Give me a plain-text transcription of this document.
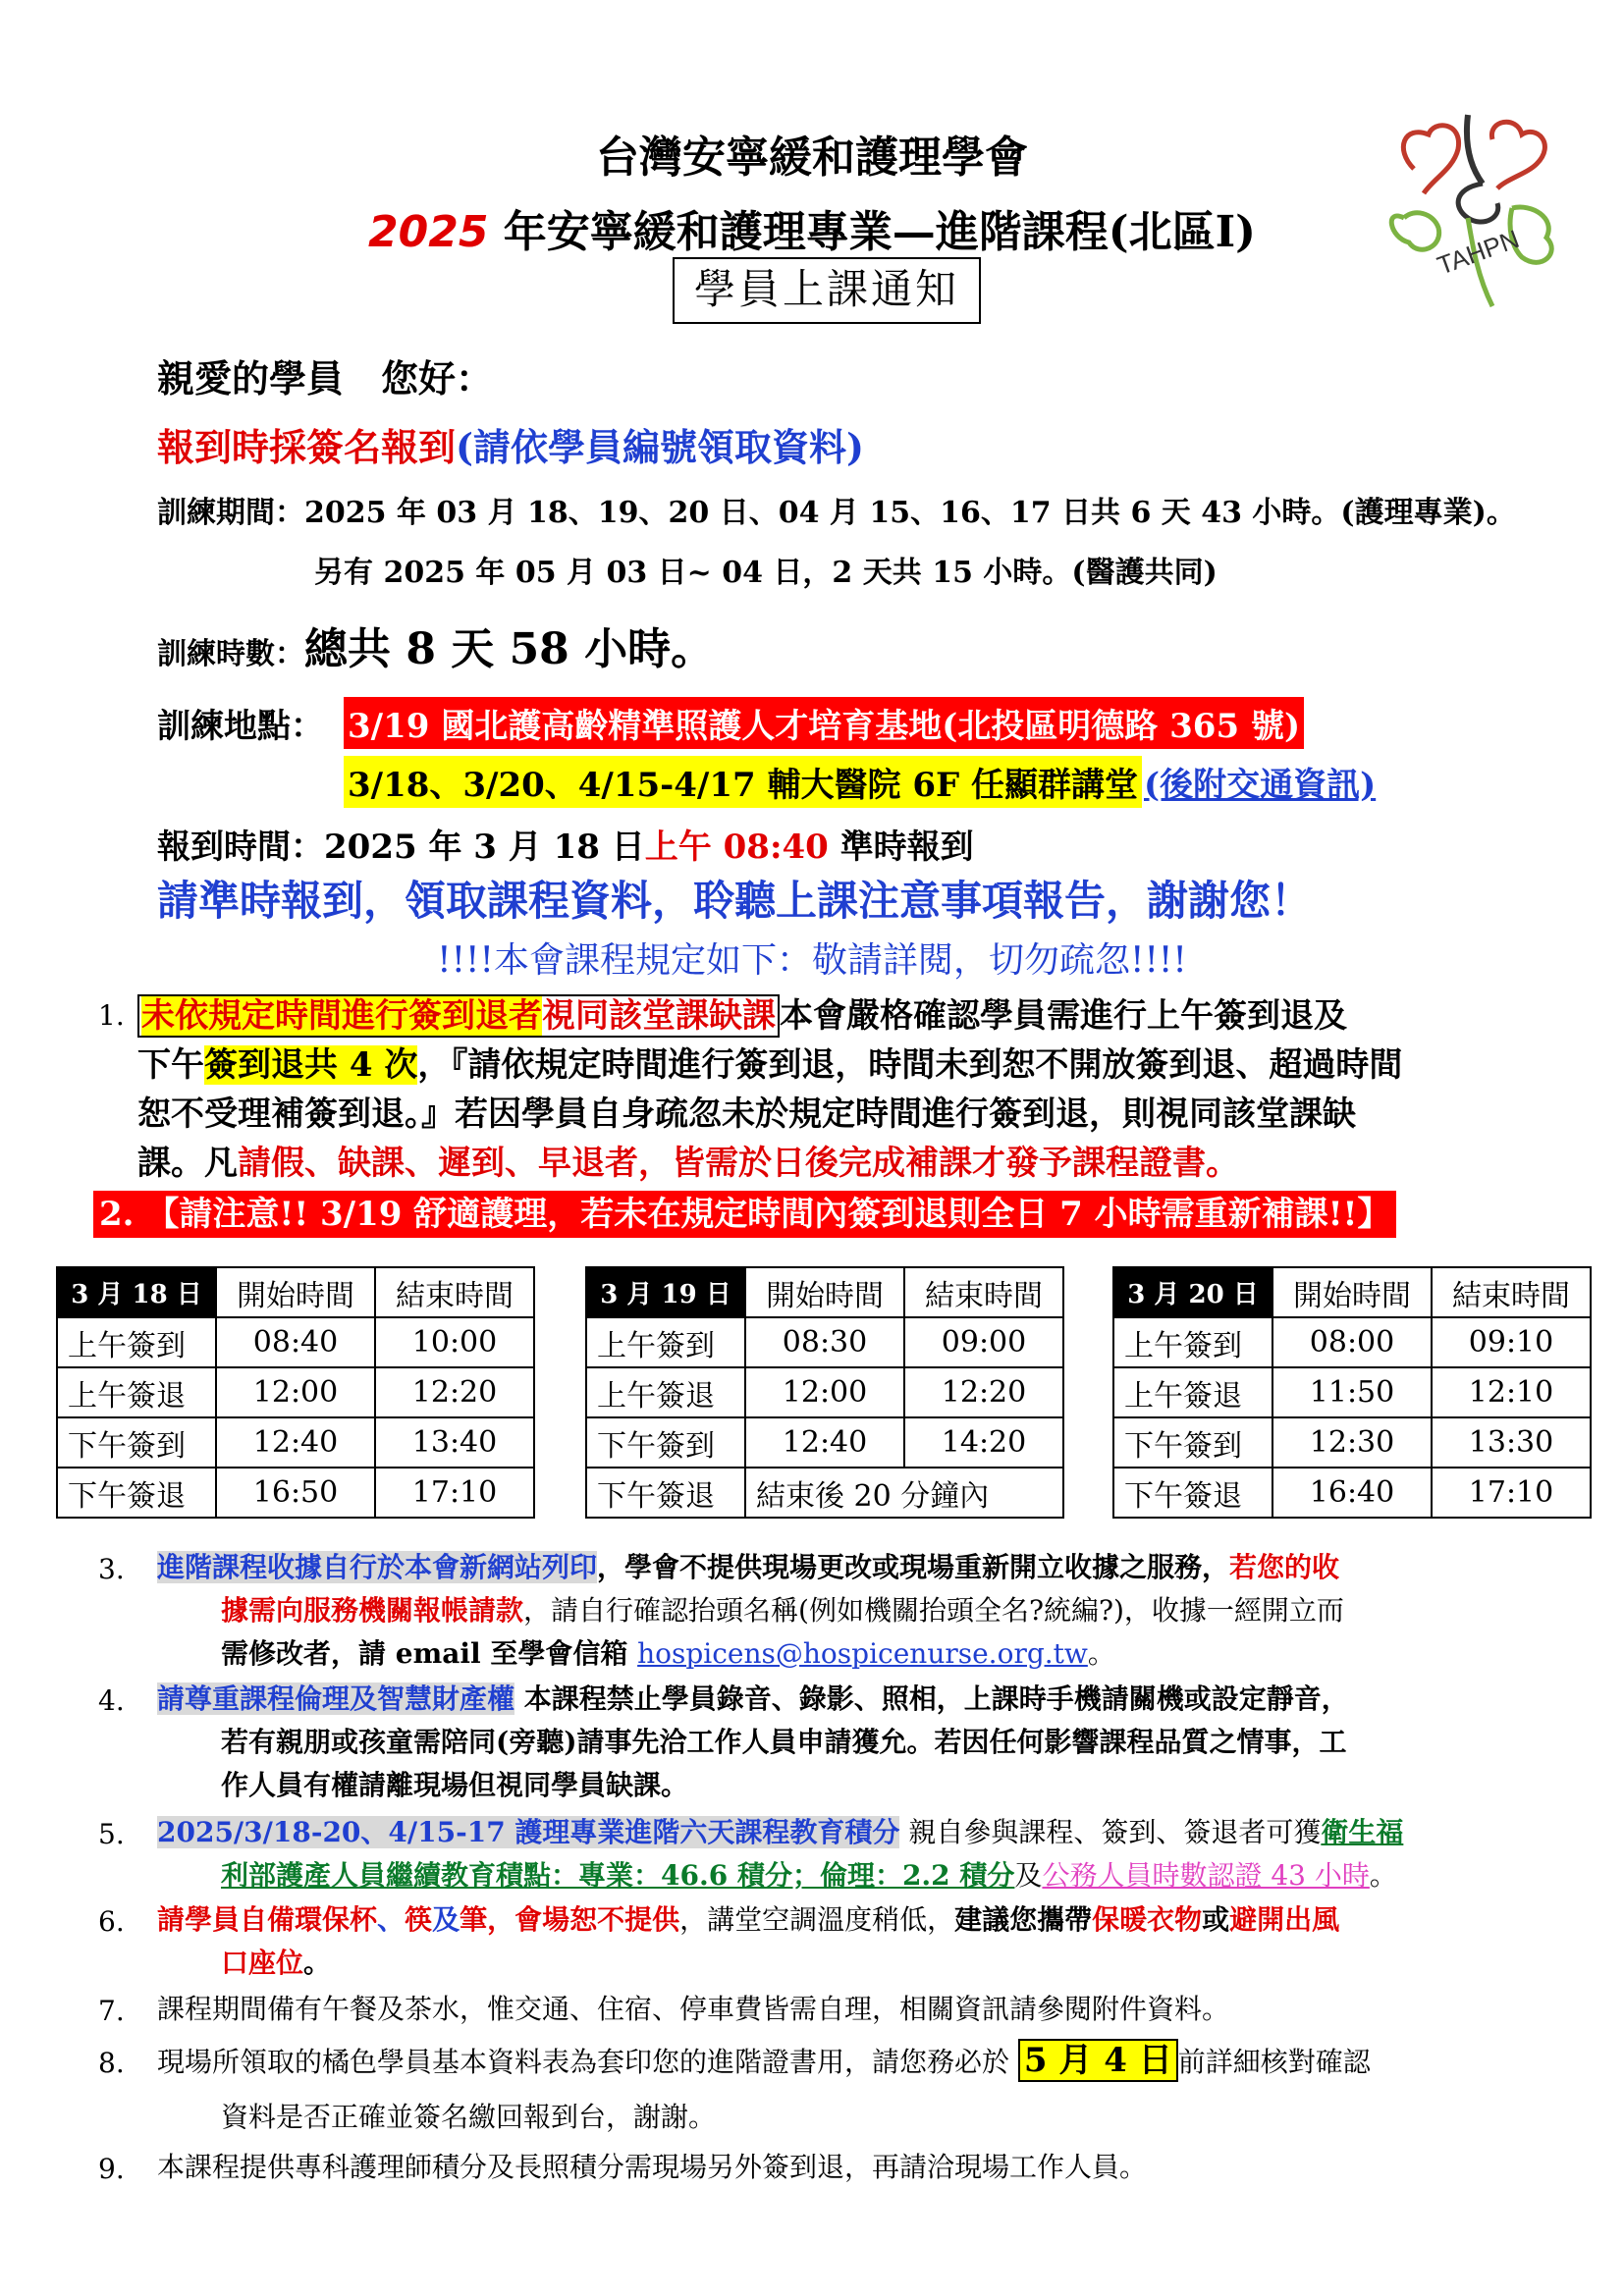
台灣安寧緩和護理學會
2025 年安寧緩和護理專業—進階課程(北區Ⅰ)
學員上課通知
TAHPN
親愛的學員　您好：
報到時採簽名報到(請依學員編號領取資料)
訓練期間：2025 年 03 月 18、19、20 日、04 月 15、16、17 日共 6 天 43 小時。(護理專業)。
另有 2025 年 05 月 03 日~ 04 日，2 天共 15 小時。(醫護共同)
訓練時數：總共 8 天 58 小時。
訓練地點： 3/19 國北護高齡精準照護人才培育基地(北投區明德路 365 號)
3/18、3/20、4/15-4/17 輔大醫院 6F 任顯群講堂 (後附交通資訊)
報到時間：2025 年 3 月 18 日上午 08:40 準時報到
請準時報到，領取課程資料，聆聽上課注意事項報告，謝謝您！
!!!!本會課程規定如下：敬請詳閱，切勿疏忽!!!!
1. 未依規定時間進行簽到退者視同該堂課缺課 本會嚴格確認學員需進行上午簽到退及
下午簽到退共 4 次，『請依規定時間進行簽到退，時間未到恕不開放簽到退、超過時間
恕不受理補簽到退。』若因學員自身疏忽未於規定時間進行簽到退，則視同該堂課缺
課。凡請假、缺課、遲到、早退者，皆需於日後完成補課才發予課程證書。
2. 【請注意!! 3/19 舒適護理，若未在規定時間內簽到退則全日 7 小時需重新補課!!】
3 月 18 日	開始時間	結束時間
上午簽到	08:40	10:00
上午簽退	12:00	12:20
下午簽到	12:40	13:40
下午簽退	16:50	17:10
3 月 19 日	開始時間	結束時間
上午簽到	08:30	09:00
上午簽退	12:00	12:20
下午簽到	12:40	14:20
下午簽退	結束後 20 分鐘內	
3 月 20 日	開始時間	結束時間
上午簽到	08:00	09:10
上午簽退	11:50	12:10
下午簽到	12:30	13:30
下午簽退	16:40	17:10
3. 進階課程收據自行於本會新網站列印，學會不提供現場更改或現場重新開立收據之服務，若您的收
據需向服務機關報帳請款，請自行確認抬頭名稱(例如機關抬頭全名?統編?)，收據一經開立而
需修改者，請 email 至學會信箱 hospicens@hospicenurse.org.tw。
4. 請尊重課程倫理及智慧財產權 本課程禁止學員錄音、錄影、照相，上課時手機請關機或設定靜音，
若有親朋或孩童需陪同(旁聽)請事先洽工作人員申請獲允。若因任何影響課程品質之情事，工
作人員有權請離現場但視同學員缺課。
5. 2025/3/18-20、4/15-17 護理專業進階六天課程教育積分 親自參與課程、簽到、簽退者可獲衛生福
利部護產人員繼續教育積點：專業：46.6 積分；倫理：2.2 積分及公務人員時數認證 43 小時。
6. 請學員自備環保杯、筷及筆，會場恕不提供，講堂空調溫度稍低，建議您攜帶保暖衣物或避開出風
口座位。
7. 課程期間備有午餐及茶水，惟交通、住宿、停車費皆需自理，相關資訊請參閱附件資料。
8. 現場所領取的橘色學員基本資料表為套印您的進階證書用，請您務必於 5 月 4 日 前詳細核對確認
資料是否正確並簽名繳回報到台，謝謝。
9. 本課程提供專科護理師積分及長照積分需現場另外簽到退，再請洽現場工作人員。
